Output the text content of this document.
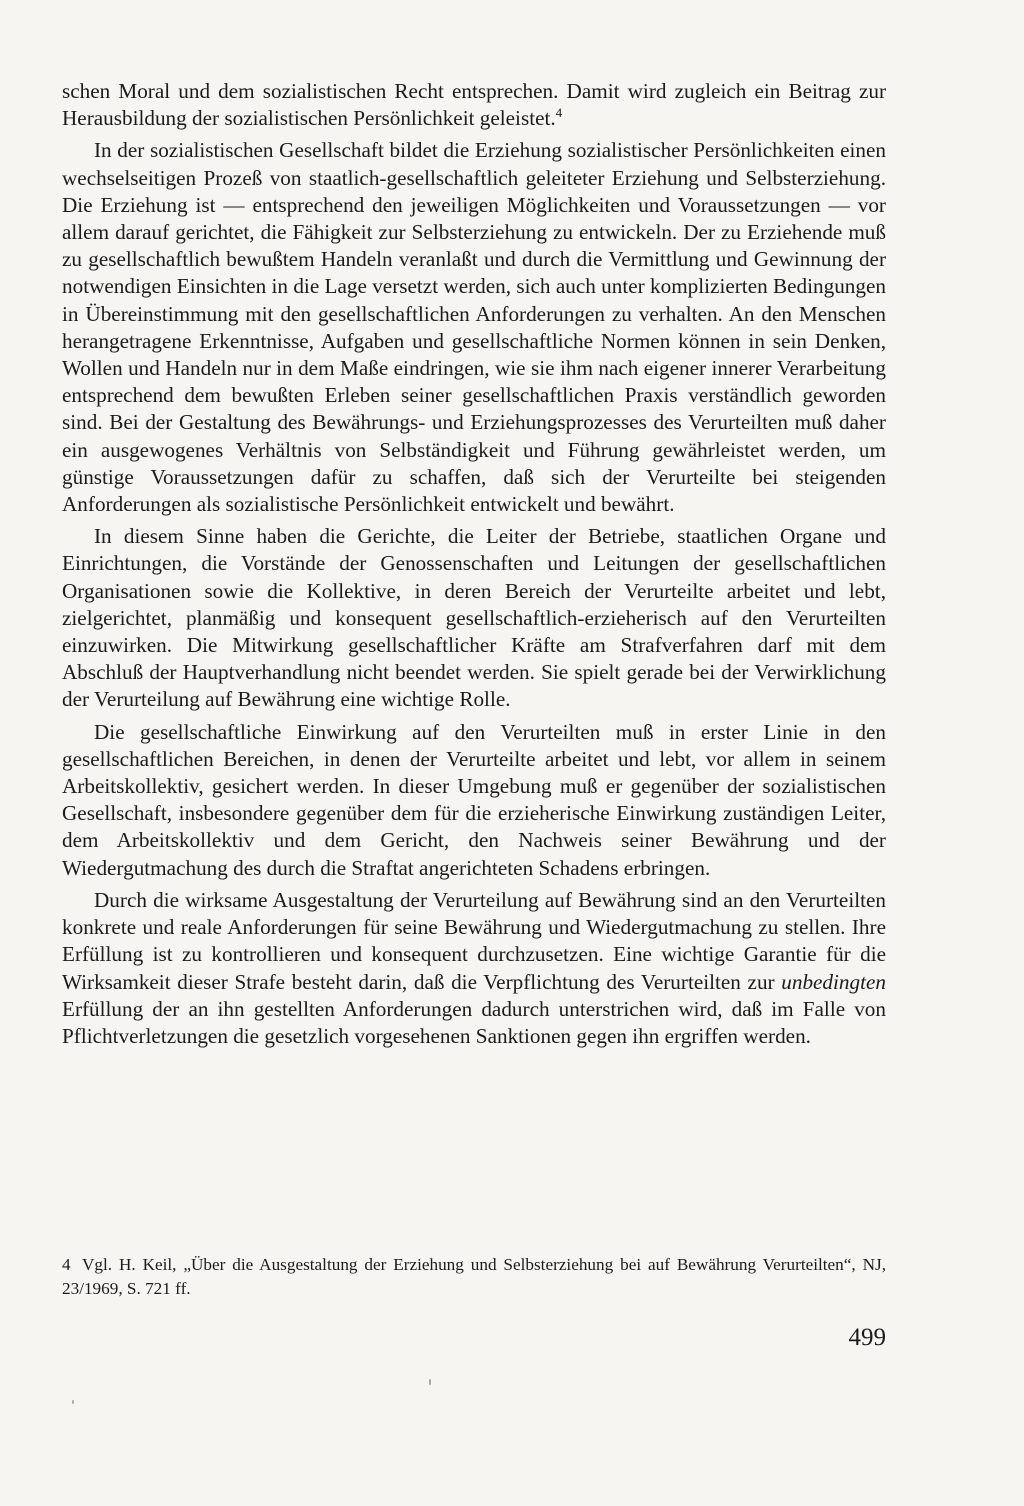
schen Moral und dem sozialistischen Recht entsprechen. Damit wird zugleich ein Beitrag zur Herausbildung der sozialistischen Persönlichkeit geleistet.$^4$

In der sozialistischen Gesellschaft bildet die Erziehung sozialistischer Persönlichkeiten einen wechselseitigen Prozeß von staatlich-gesellschaftlich geleiteter Erziehung und Selbsterziehung. Die Erziehung ist — entsprechend den jeweiligen Möglichkeiten und Voraussetzungen — vor allem darauf gerichtet, die Fähigkeit zur Selbsterziehung zu entwickeln. Der zu Erziehende muß zu gesellschaftlich bewußtem Handeln veranlaßt und durch die Vermittlung und Gewinnung der notwendigen Einsichten in die Lage versetzt werden, sich auch unter komplizierten Bedingungen in Übereinstimmung mit den gesellschaftlichen Anforderungen zu verhalten. An den Menschen herangetragene Erkenntnisse, Aufgaben und gesellschaftliche Normen können in sein Denken, Wollen und Handeln nur in dem Maße eindringen, wie sie ihm nach eigener innerer Verarbeitung entsprechend dem bewußten Erleben seiner gesellschaftlichen Praxis verständlich geworden sind. Bei der Gestaltung des Bewährungs- und Erziehungsprozesses des Verurteilten muß daher ein ausgewogenes Verhältnis von Selbständigkeit und Führung gewährleistet werden, um günstige Voraussetzungen dafür zu schaffen, daß sich der Verurteilte bei steigenden Anforderungen als sozialistische Persönlichkeit entwickelt und bewährt.

In diesem Sinne haben die Gerichte, die Leiter der Betriebe, staatlichen Organe und Einrichtungen, die Vorstände der Genossenschaften und Leitungen der gesellschaftlichen Organisationen sowie die Kollektive, in deren Bereich der Verurteilte arbeitet und lebt, zielgerichtet, planmäßig und konsequent gesellschaftlich-erzieherisch auf den Verurteilten einzuwirken. Die Mitwirkung gesellschaftlicher Kräfte am Strafverfahren darf mit dem Abschluß der Hauptverhandlung nicht beendet werden. Sie spielt gerade bei der Verwirklichung der Verurteilung auf Bewährung eine wichtige Rolle.

Die gesellschaftliche Einwirkung auf den Verurteilten muß in erster Linie in den gesellschaftlichen Bereichen, in denen der Verurteilte arbeitet und lebt, vor allem in seinem Arbeitskollektiv, gesichert werden. In dieser Umgebung muß er gegenüber der sozialistischen Gesellschaft, insbesondere gegenüber dem für die erzieherische Einwirkung zuständigen Leiter, dem Arbeitskollektiv und dem Gericht, den Nachweis seiner Bewährung und der Wiedergutmachung des durch die Straftat angerichteten Schadens erbringen.

Durch die wirksame Ausgestaltung der Verurteilung auf Bewährung sind an den Verurteilten konkrete und reale Anforderungen für seine Bewährung und Wiedergutmachung zu stellen. Ihre Erfüllung ist zu kontrollieren und konsequent durchzusetzen. Eine wichtige Garantie für die Wirksamkeit dieser Strafe besteht darin, daß die Verpflichtung des Verurteilten zur unbedingten Erfüllung der an ihn gestellten Anforderungen dadurch unterstrichen wird, daß im Falle von Pflichtverletzungen die gesetzlich vorgesehenen Sanktionen gegen ihn ergriffen werden.

4 Vgl. H. Keil, „Über die Ausgestaltung der Erziehung und Selbsterziehung bei auf Bewährung Verurteilten“, NJ, 23/1969, S. 721 ff.
499
